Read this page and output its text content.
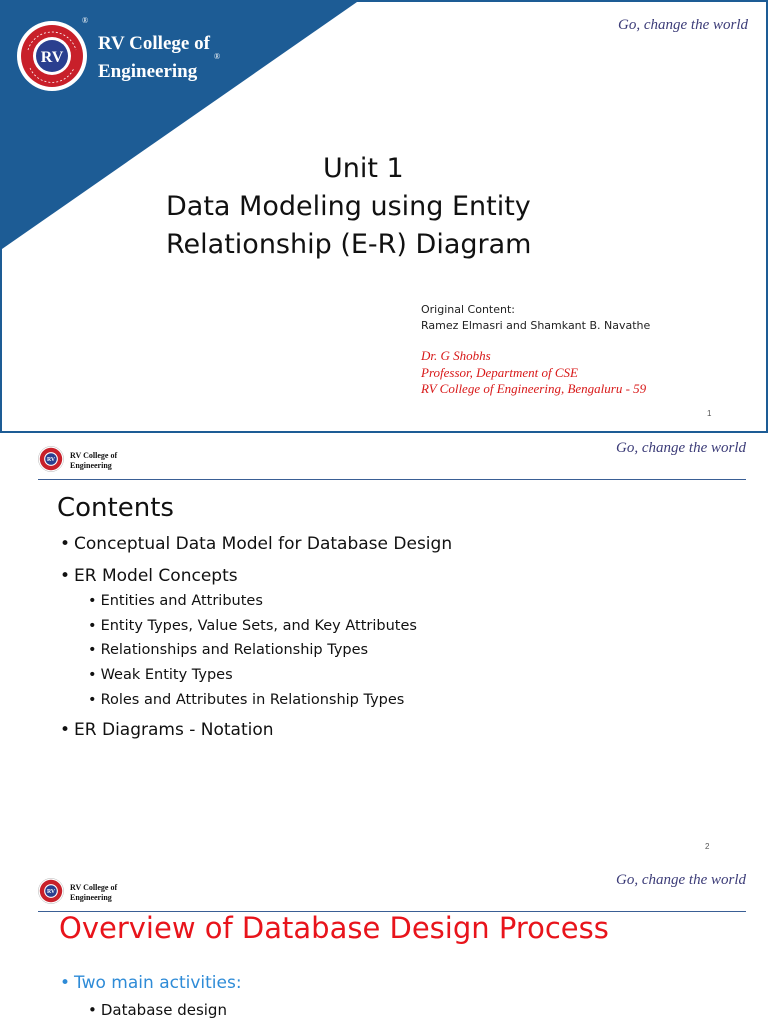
RV
®
RV College of
Engineering
®
Go, change the world
Unit 1
Data Modeling using Entity
Relationship (E-R) Diagram
Original Content:
Ramez Elmasri and Shamkant B. Navathe
Dr. G Shobhs
Professor, Department of CSE
RV College of Engineering, Bengaluru - 59
1
RV
RV College of
Engineering
Go, change the world
Contents
• Conceptual Data Model for Database Design
• ER Model Concepts
• Entities and Attributes
• Entity Types, Value Sets, and Key Attributes
• Relationships and Relationship Types
• Weak Entity Types
• Roles and Attributes in Relationship Types
• ER Diagrams - Notation
2
RV
RV College of
Engineering
Go, change the world
Overview of Database Design Process
• Two main activities:
• Database design
